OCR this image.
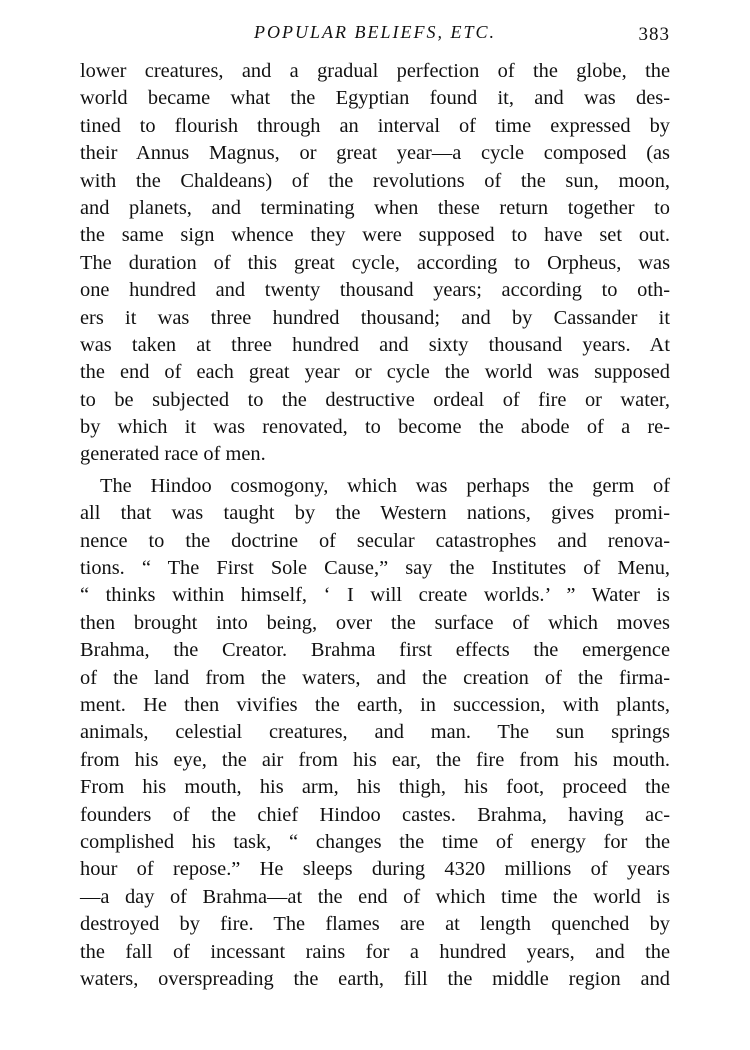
POPULAR BELIEFS, ETC.	383
lower creatures, and a gradual perfection of the globe, the
world became what the Egyptian found it, and was des-
tined to flourish through an interval of time expressed by
their Annus Magnus, or great year—a cycle composed (as
with the Chaldeans) of the revolutions of the sun, moon,
and planets, and terminating when these return together to
the same sign whence they were supposed to have set out.
The duration of this great cycle, according to Orpheus, was
one hundred and twenty thousand years; according to oth-
ers it was three hundred thousand; and by Cassander it
was taken at three hundred and sixty thousand years. At
the end of each great year or cycle the world was supposed
to be subjected to the destructive ordeal of fire or water,
by which it was renovated, to become the abode of a re-
generated race of men.
The Hindoo cosmogony, which was perhaps the germ of
all that was taught by the Western nations, gives promi-
nence to the doctrine of secular catastrophes and renova-
tions. “ The First Sole Cause,” say the Institutes of Menu,
“ thinks within himself, ‘ I will create worlds.’ ” Water is
then brought into being, over the surface of which moves
Brahma, the Creator. Brahma first effects the emergence
of the land from the waters, and the creation of the firma-
ment. He then vivifies the earth, in succession, with plants,
animals, celestial creatures, and man. The sun springs
from his eye, the air from his ear, the fire from his mouth.
From his mouth, his arm, his thigh, his foot, proceed the
founders of the chief Hindoo castes. Brahma, having ac-
complished his task, “ changes the time of energy for the
hour of repose.” He sleeps during 4320 millions of years
—a day of Brahma—at the end of which time the world is
destroyed by fire. The flames are at length quenched by
the fall of incessant rains for a hundred years, and the
waters, overspreading the earth, fill the middle region and
